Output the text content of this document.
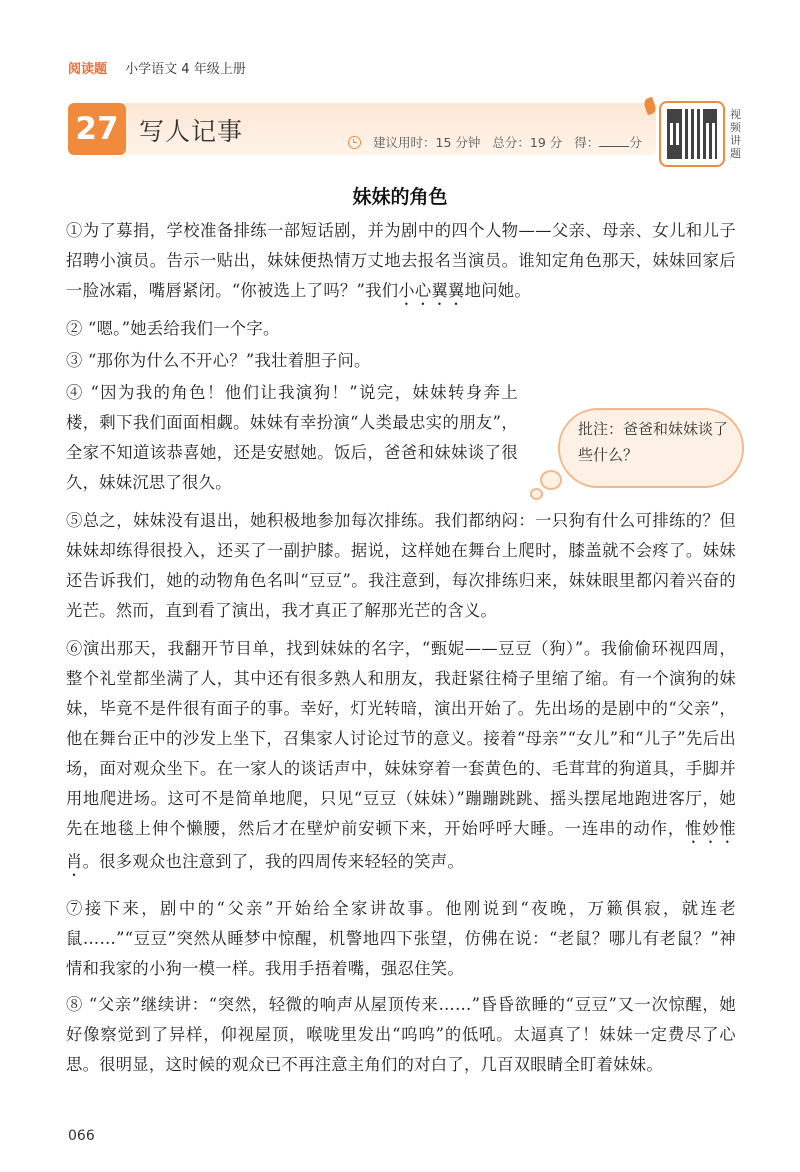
阅读题 小学语文 4 年级上册
27 写人记事	建议用时：15 分钟 总分：19 分 得： 分
视频讲题
妹妹的角色
①为了募捐，学校准备排练一部短话剧，并为剧中的四个人物——父亲、母亲、女儿和儿子招聘小演员。告示一贴出，妹妹便热情万丈地去报名当演员。谁知定角色那天，妹妹回家后一脸冰霜，嘴唇紧闭。“你被选上了吗？”我们小心翼翼地问她。
② “嗯。”她丢给我们一个字。
③ “那你为什么不开心？”我壮着胆子问。
④ “因为我的角色！他们让我演狗！”说完，妹妹转身奔上楼，剩下我们面面相觑。妹妹有幸扮演“人类最忠实的朋友”，全家不知道该恭喜她，还是安慰她。饭后，爸爸和妹妹谈了很久，妹妹沉思了很久。
批注：爸爸和妹妹谈了些什么？
⑤总之，妹妹没有退出，她积极地参加每次排练。我们都纳闷：一只狗有什么可排练的？但妹妹却练得很投入，还买了一副护膝。据说，这样她在舞台上爬时，膝盖就不会疼了。妹妹还告诉我们，她的动物角色名叫“豆豆”。我注意到，每次排练归来，妹妹眼里都闪着兴奋的光芒。然而，直到看了演出，我才真正了解那光芒的含义。
⑥演出那天，我翻开节目单，找到妹妹的名字，“甄妮——豆豆（狗）”。我偷偷环视四周，整个礼堂都坐满了人，其中还有很多熟人和朋友，我赶紧往椅子里缩了缩。有一个演狗的妹妹，毕竟不是件很有面子的事。幸好，灯光转暗，演出开始了。先出场的是剧中的“父亲”，他在舞台正中的沙发上坐下，召集家人讨论过节的意义。接着“母亲”“女儿”和“儿子”先后出场，面对观众坐下。在一家人的谈话声中，妹妹穿着一套黄色的、毛茸茸的狗道具，手脚并用地爬进场。这可不是简单地爬，只见“豆豆（妹妹）”蹦蹦跳跳、摇头摆尾地跑进客厅，她先在地毯上伸个懒腰，然后才在壁炉前安顿下来，开始呼呼大睡。一连串的动作，惟妙惟肖。很多观众也注意到了，我的四周传来轻轻的笑声。
⑦接下来，剧中的“父亲”开始给全家讲故事。他刚说到“夜晚，万籁俱寂，就连老鼠……”“豆豆”突然从睡梦中惊醒，机警地四下张望，仿佛在说：“老鼠？哪儿有老鼠？”神情和我家的小狗一模一样。我用手捂着嘴，强忍住笑。
⑧ “父亲”继续讲：“突然，轻微的响声从屋顶传来……”昏昏欲睡的“豆豆”又一次惊醒，她好像察觉到了异样，仰视屋顶，喉咙里发出“呜呜”的低吼。太逼真了！妹妹一定费尽了心思。很明显，这时候的观众已不再注意主角们的对白了，几百双眼睛全盯着妹妹。
066
